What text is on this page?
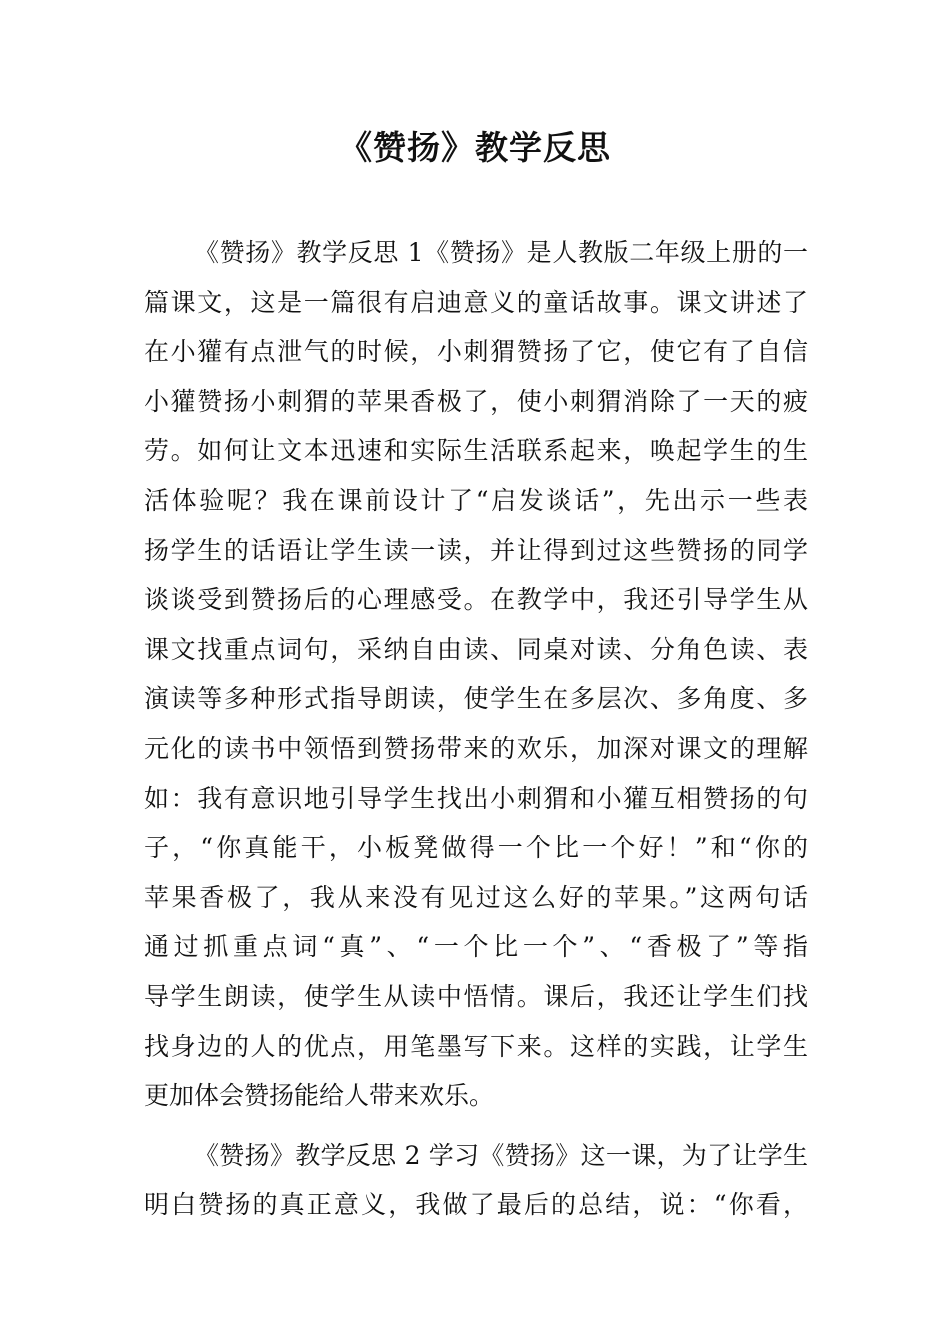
《赞扬》教学反思
《赞扬》教学反思 1《赞扬》是人教版二年级上册的一
篇课文，这是一篇很有启迪意义的童话故事。课文讲述了
在小獾有点泄气的时候，小刺猬赞扬了它，使它有了自信
小獾赞扬小刺猬的苹果香极了，使小刺猬消除了一天的疲
劳。如何让文本迅速和实际生活联系起来，唤起学生的生
活体验呢？我在课前设计了“启发谈话”，先出示一些表
扬学生的话语让学生读一读，并让得到过这些赞扬的同学
谈谈受到赞扬后的心理感受。在教学中，我还引导学生从
课文找重点词句，采纳自由读、同桌对读、分角色读、表
演读等多种形式指导朗读，使学生在多层次、多角度、多
元化的读书中领悟到赞扬带来的欢乐，加深对课文的理解
如：我有意识地引导学生找出小刺猬和小獾互相赞扬的句
子，“你真能干，小板凳做得一个比一个好！”和“你的
苹果香极了，我从来没有见过这么好的苹果。”这两句话
通过抓重点词“真”、“一个比一个”、“香极了”等指
导学生朗读，使学生从读中悟情。课后，我还让学生们找
找身边的人的优点，用笔墨写下来。这样的实践，让学生
更加体会赞扬能给人带来欢乐。
《赞扬》教学反思 2 学习《赞扬》这一课，为了让学生
明白赞扬的真正意义，我做了最后的总结，说：“你看，
